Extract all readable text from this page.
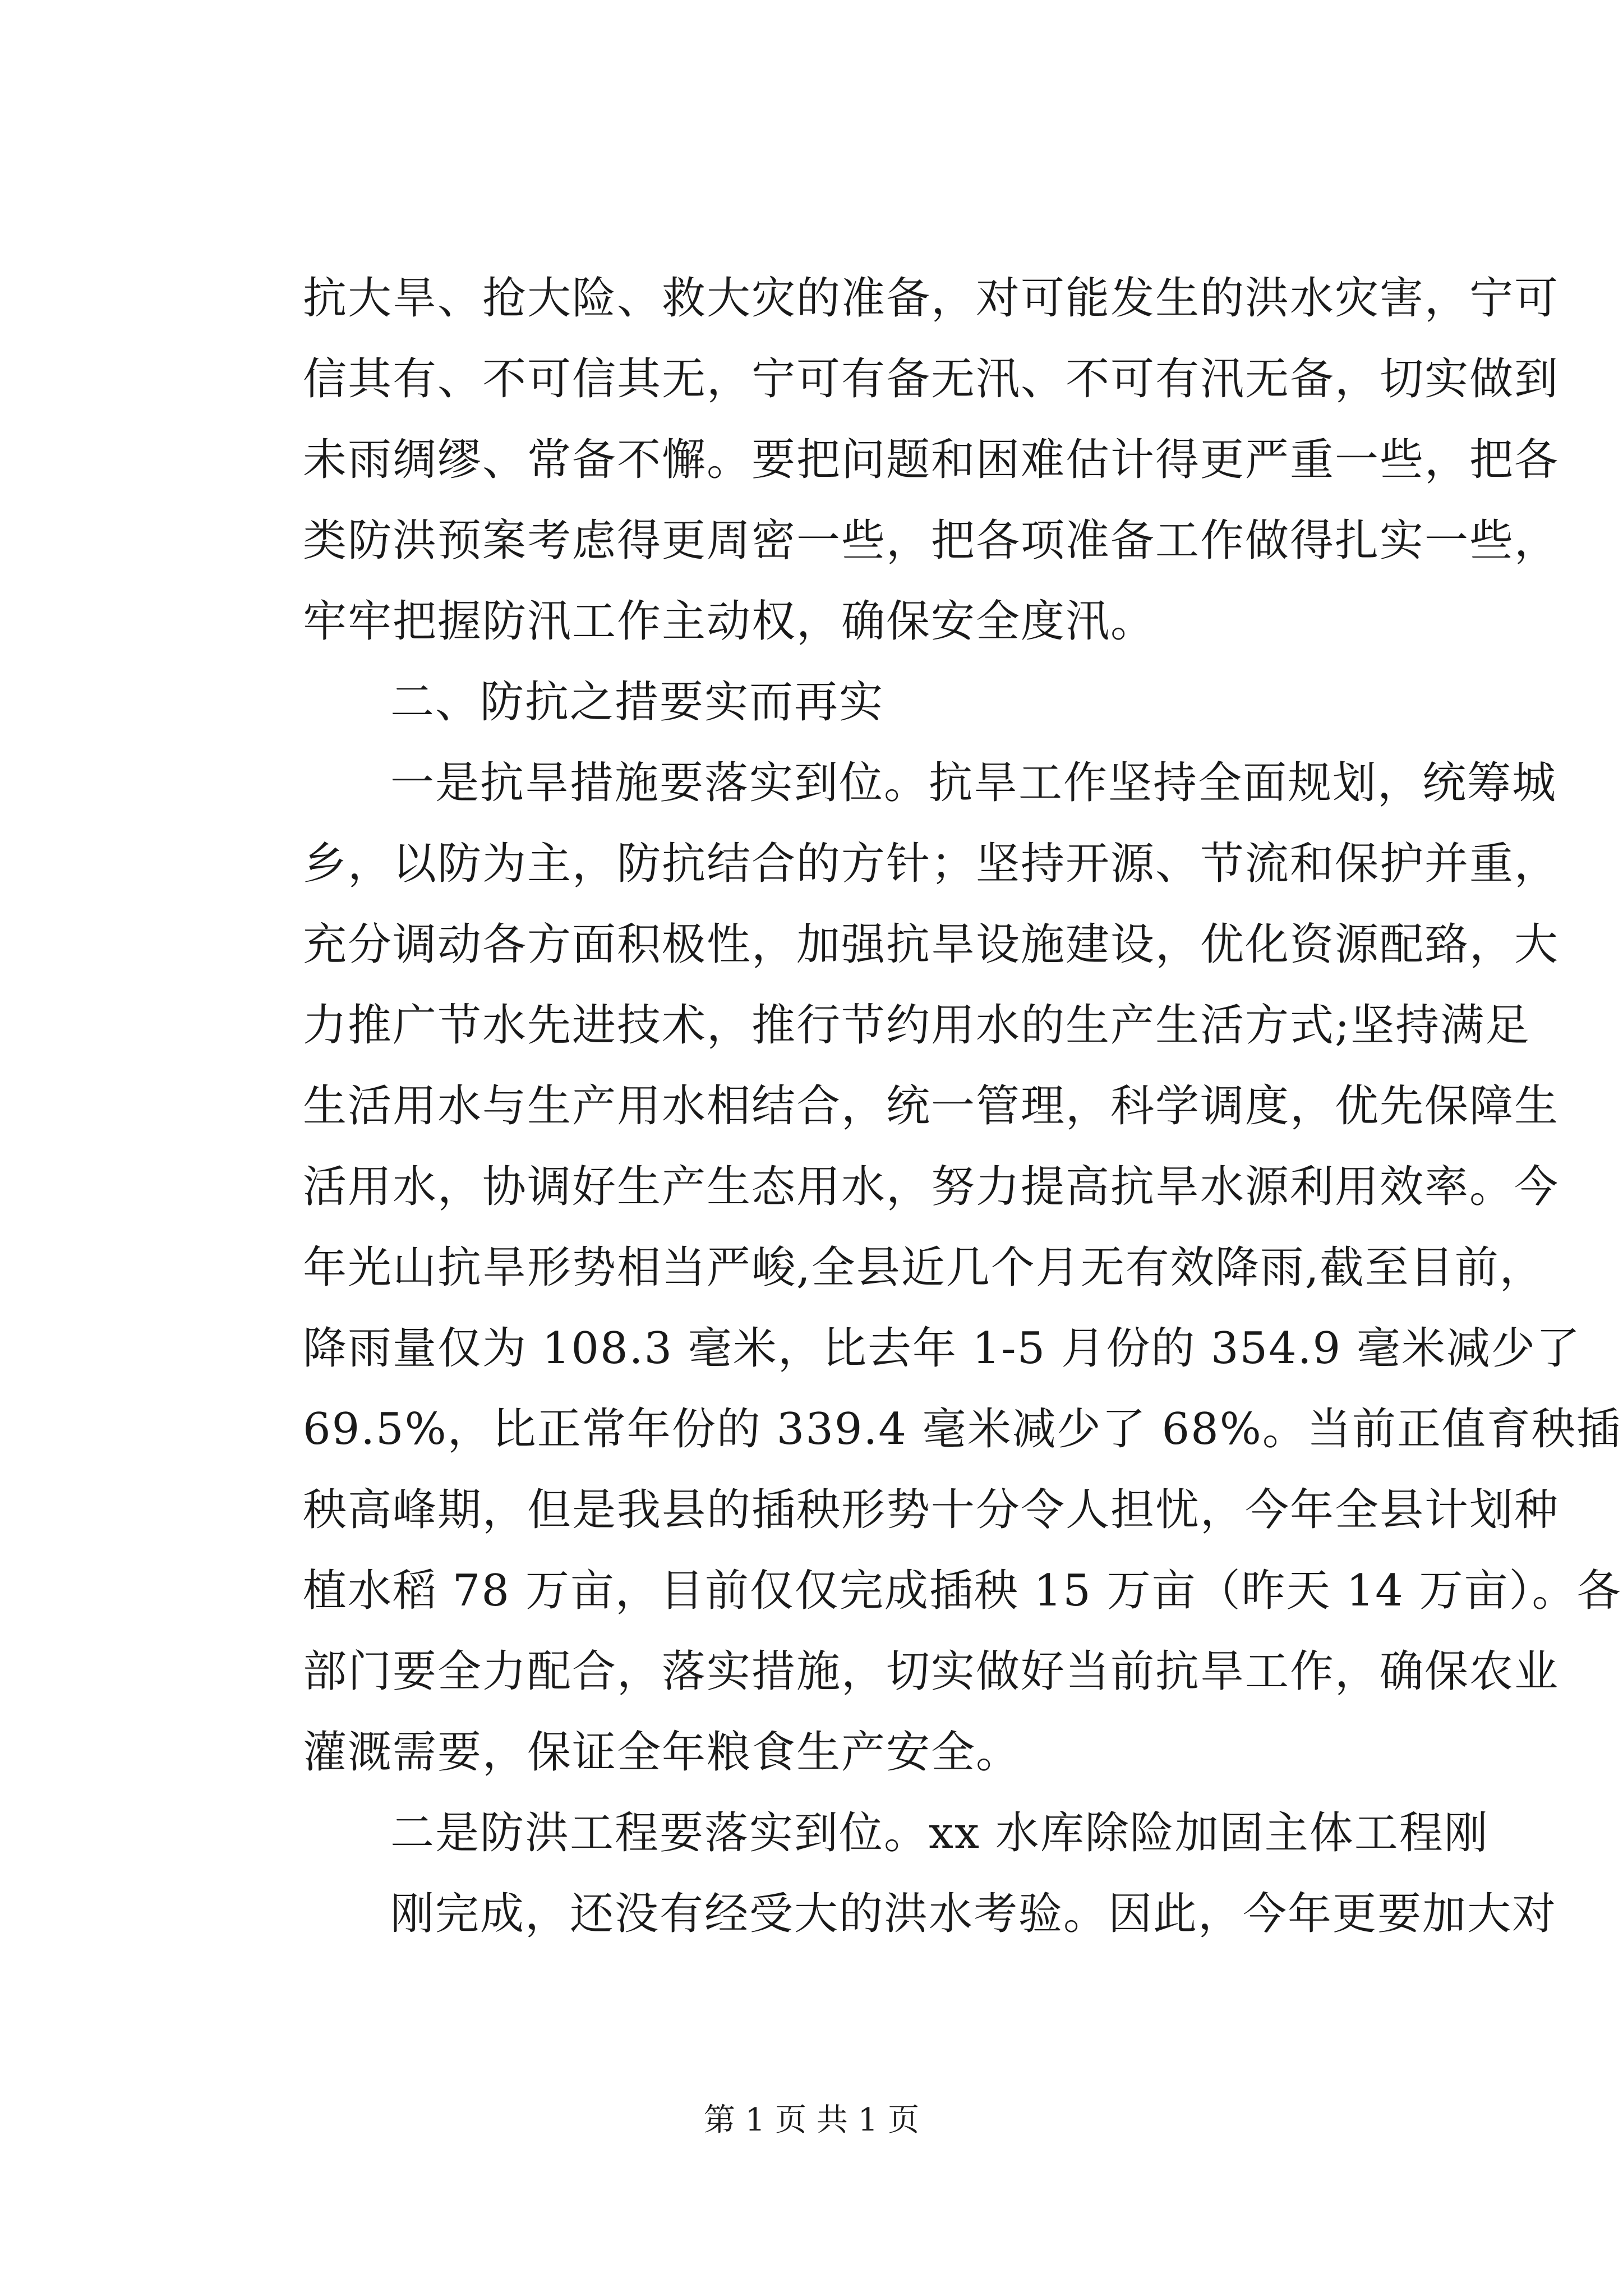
抗大旱、抢大险、救大灾的准备，对可能发生的洪水灾害，宁可
信其有、不可信其无，宁可有备无汛、不可有汛无备，切实做到
未雨绸缪、常备不懈。要把问题和困难估计得更严重一些，把各
类防洪预案考虑得更周密一些，把各项准备工作做得扎实一些，
牢牢把握防汛工作主动权，确保安全度汛。
二、防抗之措要实而再实
一是抗旱措施要落实到位。抗旱工作坚持全面规划，统筹城
乡，以防为主，防抗结合的方针；坚持开源、节流和保护并重，
充分调动各方面积极性，加强抗旱设施建设，优化资源配臵，大
力推广节水先进技术，推行节约用水的生产生活方式;坚持满足
生活用水与生产用水相结合，统一管理，科学调度，优先保障生
活用水，协调好生产生态用水，努力提高抗旱水源利用效率。今
年光山抗旱形势相当严峻,全县近几个月无有效降雨,截至目前，
降雨量仅为 108.3 毫米，比去年 1-5 月份的 354.9 毫米减少了
69.5%，比正常年份的 339.4 毫米减少了 68%。当前正值育秧插
秧高峰期，但是我县的插秧形势十分令人担忧，今年全县计划种
植水稻 78 万亩，目前仅仅完成插秧 15 万亩（昨天 14 万亩）。各
部门要全力配合，落实措施，切实做好当前抗旱工作，确保农业
灌溉需要，保证全年粮食生产安全。
二是防洪工程要落实到位。xx 水库除险加固主体工程刚
刚完成，还没有经受大的洪水考验。因此，今年更要加大对
第 1 页 共 1 页
